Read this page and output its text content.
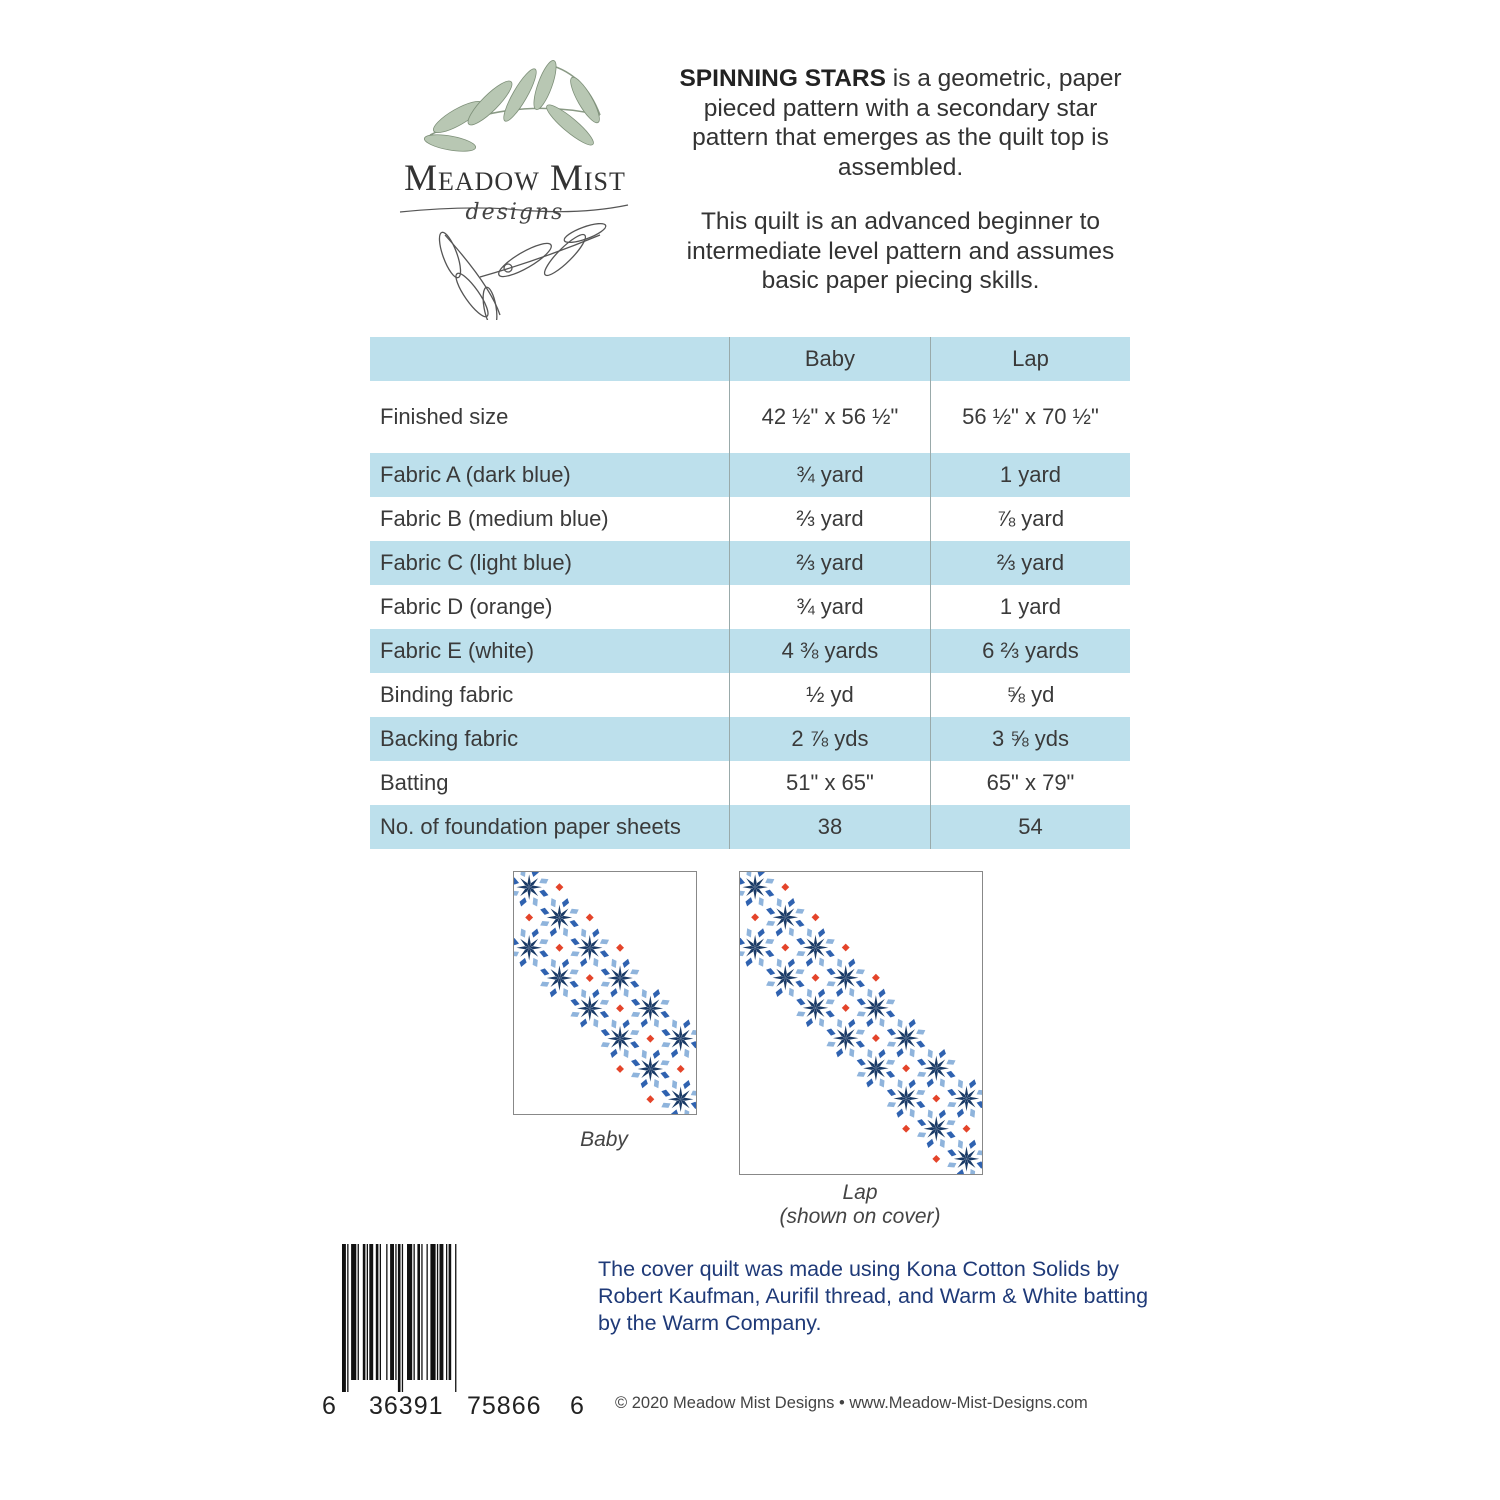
Meadow Mist
designs

SPINNING STARS is a geometric, paper pieced pattern with a secondary star pattern that emerges as the quilt top is assembled.

This quilt is an advanced beginner to intermediate level pattern and assumes basic paper piecing skills.

	Baby	Lap
Finished size	42 ½" x 56 ½"	56 ½" x 70 ½"
Fabric A (dark blue)	¾ yard	1 yard
Fabric B (medium blue)	⅔ yard	⅞ yard
Fabric C (light blue)	⅔ yard	⅔ yard
Fabric D (orange)	¾ yard	1 yard
Fabric E (white)	4 ⅜ yards	6 ⅔ yards
Binding fabric	½ yd	⅝ yd
Backing fabric	2 ⅞ yds	3 ⅝ yds
Batting	51" x 65"	65" x 79"
No. of foundation paper sheets	38	54
Baby
Lap
(shown on cover)
6 36391 75866 6
The cover quilt was made using Kona Cotton Solids by Robert Kaufman, Aurifil thread, and Warm & White batting by the Warm Company.
© 2020 Meadow Mist Designs • www.Meadow-Mist-Designs.com
